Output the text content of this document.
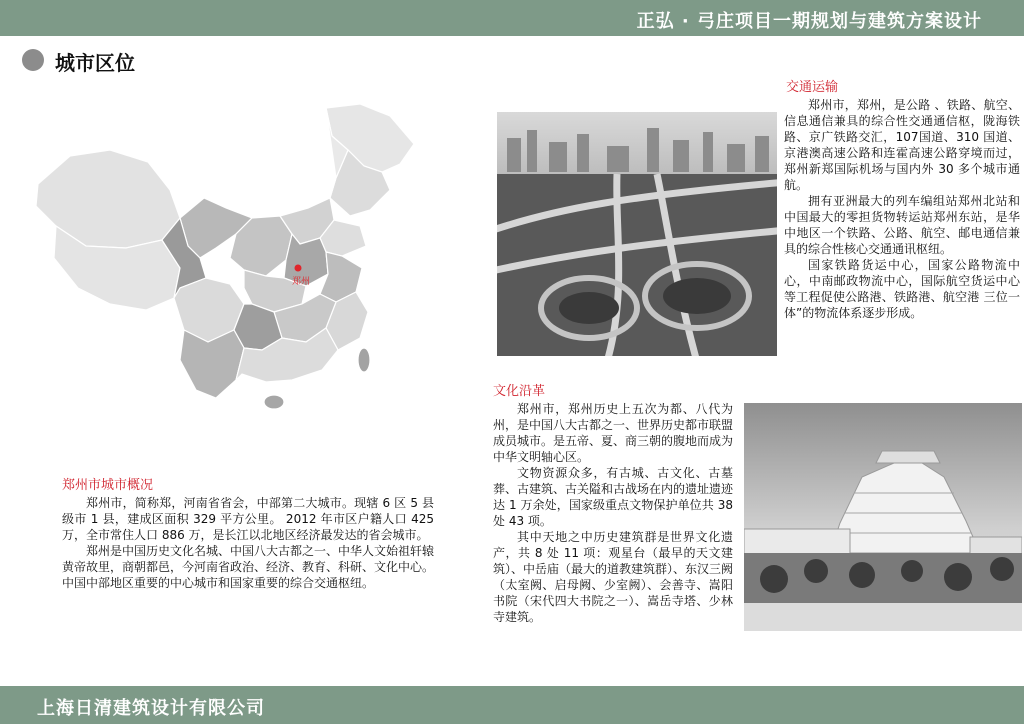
正弘 · 弓庄项目一期规划与建筑方案设计
城市区位
郑州
交通运输

郑州市，郑州，是公路 、铁路、航空、信息通信兼具的综合性交通通信枢，陇海铁路、京广铁路交汇，107国道、310 国道、京港澳高速公路和连霍高速公路穿境而过，郑州新郑国际机场与国内外 30 多个城市通航。

拥有亚洲最大的列车编组站郑州北站和中国最大的零担货物转运站郑州东站，是华中地区一个铁路、公路、航空、邮电通信兼具的综合性核心交通通讯枢纽。

国家铁路货运中心，国家公路物流中心，中南邮政物流中心，国际航空货运中心等工程促使公路港、铁路港、航空港 三位一体”的物流体系逐步形成。

文化沿革

郑州市，郑州历史上五次为都、八代为州，是中国八大古都之一、世界历史都市联盟成员城市。是五帝、夏、商三朝的腹地而成为中华文明轴心区。

文物资源众多，有古城、古文化、古墓葬、古建筑、古关隘和古战场在内的遗址遗迹达 1 万余处，国家级重点文物保护单位共 38 处 43 项。

其中天地之中历史建筑群是世界文化遗产，共 8 处 11 项：观星台（最早的天文建筑）、中岳庙（最大的道教建筑群）、东汉三阙（太室阙、启母阙、少室阙）、会善寺、嵩阳书院（宋代四大书院之一）、嵩岳寺塔、少林寺建筑。

郑州市城市概况

郑州市，简称郑，河南省省会，中部第二大城市。现辖 6 区 5 县级市 1 县，建成区面积 329 平方公里。 2012 年市区户籍人口 425 万，全市常住人口 886 万，是长江以北地区经济最发达的省会城市。

郑州是中国历史文化名城、中国八大古都之一、中华人文始祖轩辕黄帝故里，商朝都邑，今河南省政治、经济、教育、科研、文化中心。中国中部地区重要的中心城市和国家重要的综合交通枢纽。

上海日清建筑设计有限公司
